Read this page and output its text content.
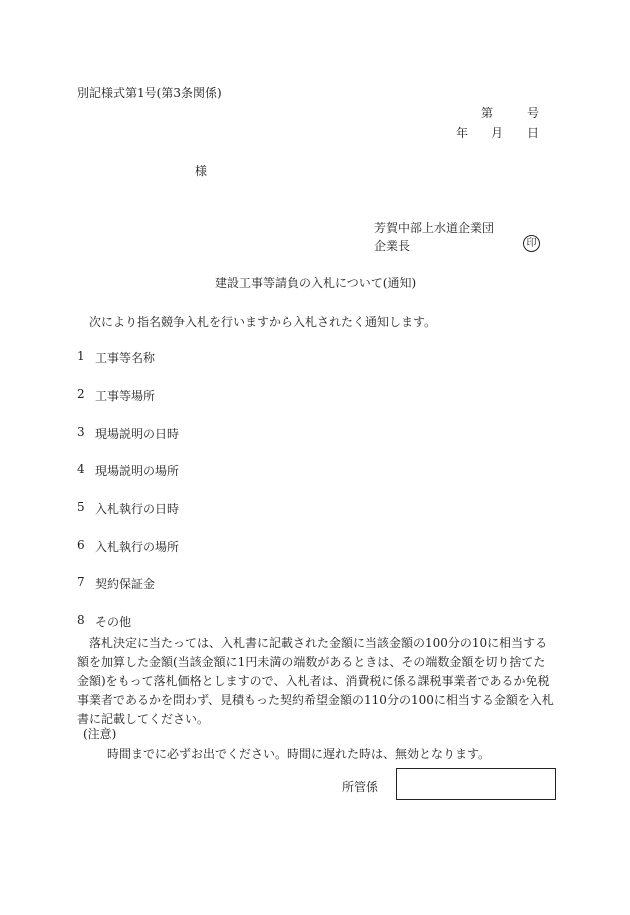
別記様式第1号(第3条関係)
第	号
年 月 日
様
芳賀中部上水道企業団
企業長	印
建設工事等請負の入札について(通知)
次により指名競争入札を行いますから入札されたく通知します。
1 工事等名称
2 工事等場所
3 現場説明の日時
4 現場説明の場所
5 入札執行の日時
6 入札執行の場所
7 契約保証金
8 その他
落札決定に当たっては、入札書に記載された金額に当該金額の100分の10に相当する額を加算した金額(当該金額に1円未満の端数があるときは、その端数金額を切り捨てた金額)をもって落札価格としますので、入札者は、消費税に係る課税事業者であるか免税事業者であるかを問わず、見積もった契約希望金額の110分の100に相当する金額を入札書に記載してください。
(注意)
時間までに必ずお出でください。時間に遅れた時は、無効となります。
所管係
